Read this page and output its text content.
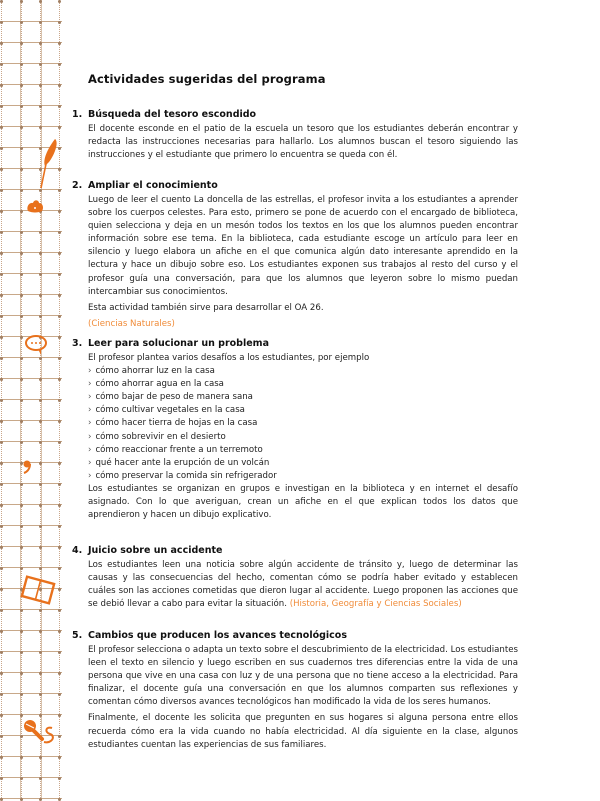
Actividades sugeridas del programa
1. Búsqueda del tesoro escondido

El docente esconde en el patio de la escuela un tesoro que los estudiantes deberán encontrar y redacta las instrucciones necesarias para hallarlo. Los alumnos buscan el tesoro siguiendo las instrucciones y el estudiante que primero lo encuentra se queda con él.

2. Ampliar el conocimiento

Luego de leer el cuento La doncella de las estrellas, el profesor invita a los estudiantes a aprender sobre los cuerpos celestes. Para esto, primero se pone de acuerdo con el encargado de biblioteca, quien selecciona y deja en un mesón todos los textos en los que los alumnos pueden encontrar información sobre ese tema. En la biblioteca, cada estudiante escoge un artículo para leer en silencio y luego elabora un afiche en el que comunica algún dato interesante aprendido en la lectura y hace un dibujo sobre eso. Los estudiantes exponen sus trabajos al resto del curso y el profesor guía una conversación, para que los alumnos que leyeron sobre lo mismo puedan intercambiar sus conocimientos.

Esta actividad también sirve para desarrollar el OA 26.

(Ciencias Naturales)

3. Leer para solucionar un problema

El profesor plantea varios desafíos a los estudiantes, por ejemplo

› cómo ahorrar luz en la casa
› cómo ahorrar agua en la casa
› cómo bajar de peso de manera sana
› cómo cultivar vegetales en la casa
› cómo hacer tierra de hojas en la casa
› cómo sobrevivir en el desierto
› cómo reaccionar frente a un terremoto
› qué hacer ante la erupción de un volcán
› cómo preservar la comida sin refrigerador

Los estudiantes se organizan en grupos e investigan en la biblioteca y en internet el desafío asignado. Con lo que averiguan, crean un afiche en el que explican todos los datos que aprendieron y hacen un dibujo explicativo.

4. Juicio sobre un accidente

Los estudiantes leen una noticia sobre algún accidente de tránsito y, luego de determinar las causas y las consecuencias del hecho, comentan cómo se podría haber evitado y establecen cuáles son las acciones cometidas que dieron lugar al accidente. Luego proponen las acciones que se debió llevar a cabo para evitar la situación. (Historia, Geografía y Ciencias Sociales)

5. Cambios que producen los avances tecnológicos

El profesor selecciona o adapta un texto sobre el descubrimiento de la electricidad. Los estudiantes leen el texto en silencio y luego escriben en sus cuadernos tres diferencias entre la vida de una persona que vive en una casa con luz y de una persona que no tiene acceso a la electricidad. Para finalizar, el docente guía una conversación en que los alumnos comparten sus reflexiones y comentan cómo diversos avances tecnológicos han modificado la vida de los seres humanos.

Finalmente, el docente les solicita que pregunten en sus hogares si alguna persona entre ellos recuerda cómo era la vida cuando no había electricidad. Al día siguiente en la clase, algunos estudiantes cuentan las experiencias de sus familiares.
